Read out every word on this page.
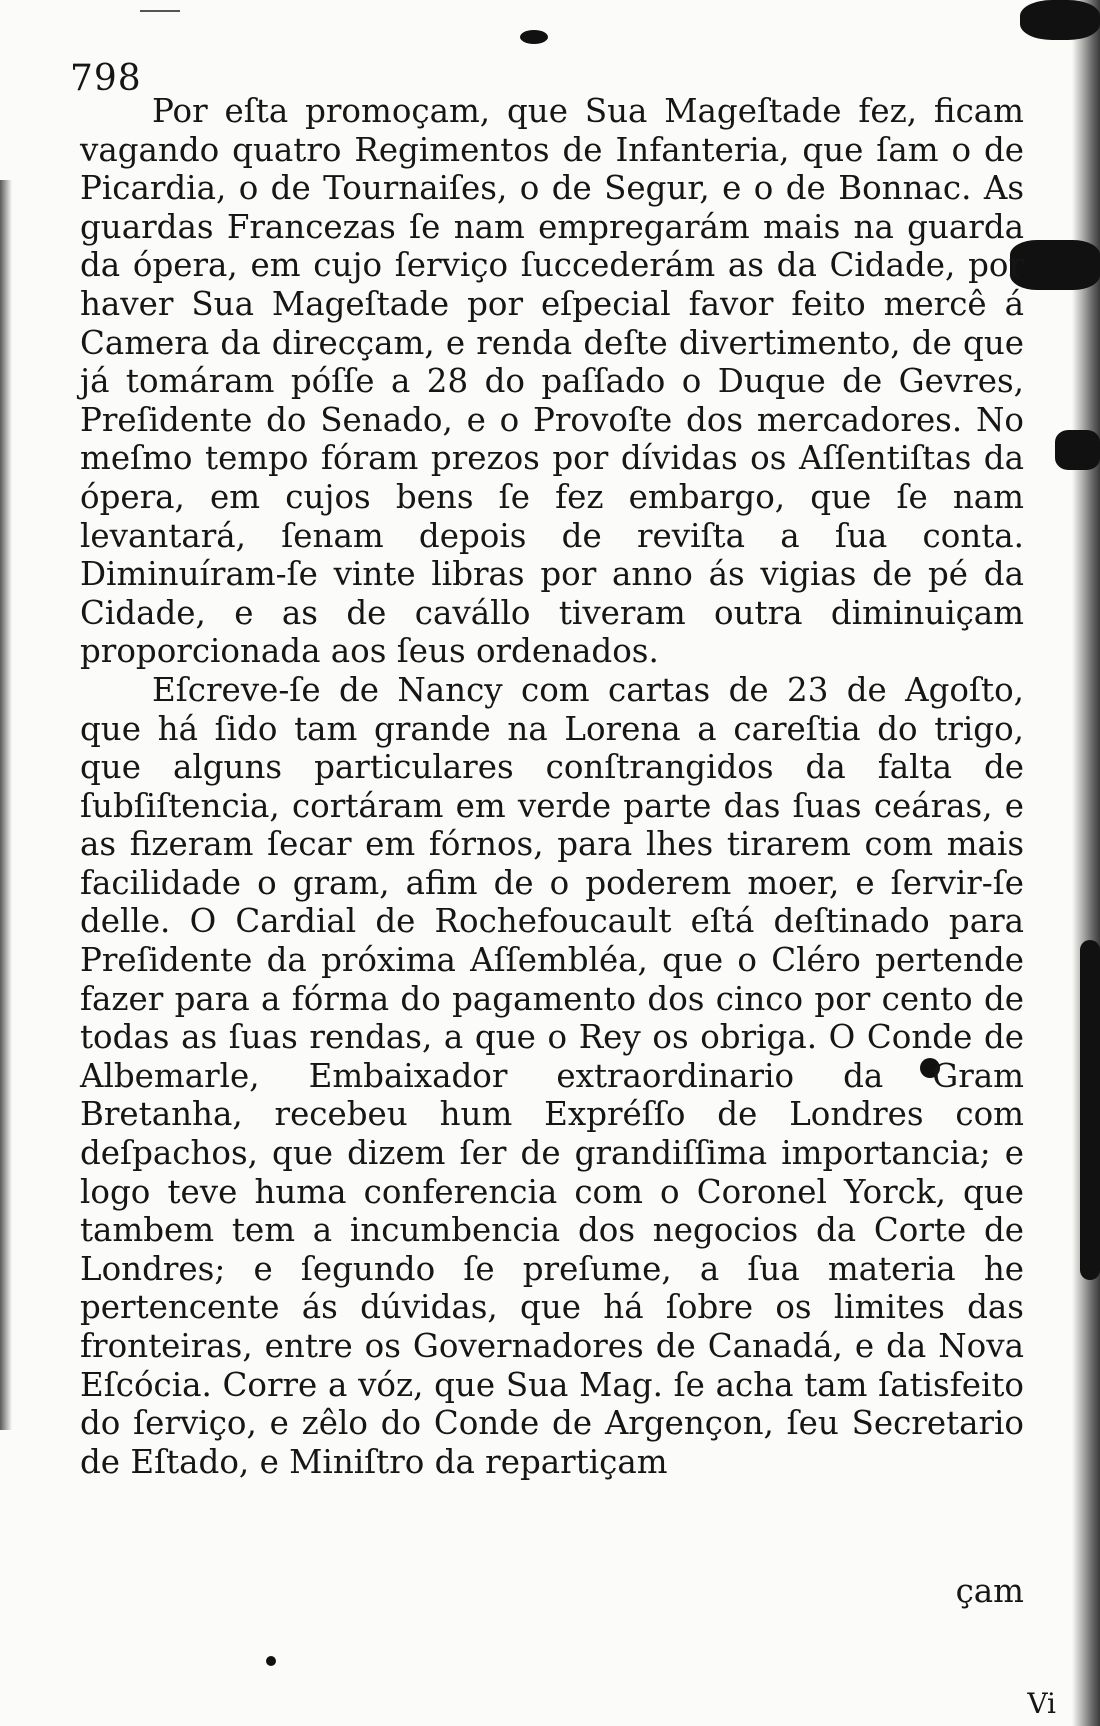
798

Por eſta promoçam, que Sua Mageſtade fez, ficam vagando quatro Regimentos de Infanteria, que ſam o de Picardia, o de Tournaiſes, o de Segur, e o de Bonnac. As guardas Francezas ſe nam empregarám mais na guarda da ópera, em cujo ſerviço ſuccederám as da Cidade, por haver Sua Mageſtade por eſpecial favor feito mercê á Camera da direcçam, e renda deſte divertimento, de que já tomáram póſſe a 28 do paſſado o Duque de Gevres, Preſidente do Senado, e o Provoſte dos mercadores. No meſmo tempo fóram prezos por dívidas os Aſſentiſtas da ópera, em cujos bens ſe fez embargo, que ſe nam levantará, ſenam depois de reviſta a ſua conta. Diminuíram-ſe vinte libras por anno ás vigias de pé da Cidade, e as de cavállo tiveram outra diminuiçam proporcionada aos ſeus ordenados.

Eſcreve-ſe de Nancy com cartas de 23 de Agoſto, que há ſido tam grande na Lorena a careſtia do trigo, que alguns particulares conſtrangidos da falta de ſubſiſtencia, cortáram em verde parte das ſuas ceáras, e as fizeram ſecar em fórnos, para lhes tirarem com mais facilidade o gram, afim de o poderem moer, e ſervir-ſe delle. O Cardial de Rochefoucault eſtá deſtinado para Preſidente da próxima Aſſembléa, que o Cléro pertende fazer para a fórma do pagamento dos cinco por cento de todas as ſuas rendas, a que o Rey os obriga. O Conde de Albemarle, Embaixador extraordinario da Gram Bretanha, recebeu hum Expréſſo de Londres com deſpachos, que dizem ſer de grandiſſima importancia; e logo teve huma conferencia com o Coronel Yorck, que tambem tem a incumbencia dos negocios da Corte de Londres; e ſegundo ſe preſume, a ſua materia he pertencente ás dúvidas, que há ſobre os limites das fronteiras, entre os Governadores de Canadá, e da Nova Eſcócia. Corre a vóz, que Sua Mag. ſe acha tam ſatisfeito do ſerviço, e zêlo do Conde de Argençon, ſeu Secretario de Eſtado, e Miniſtro da repartiçam

çam
Vi
